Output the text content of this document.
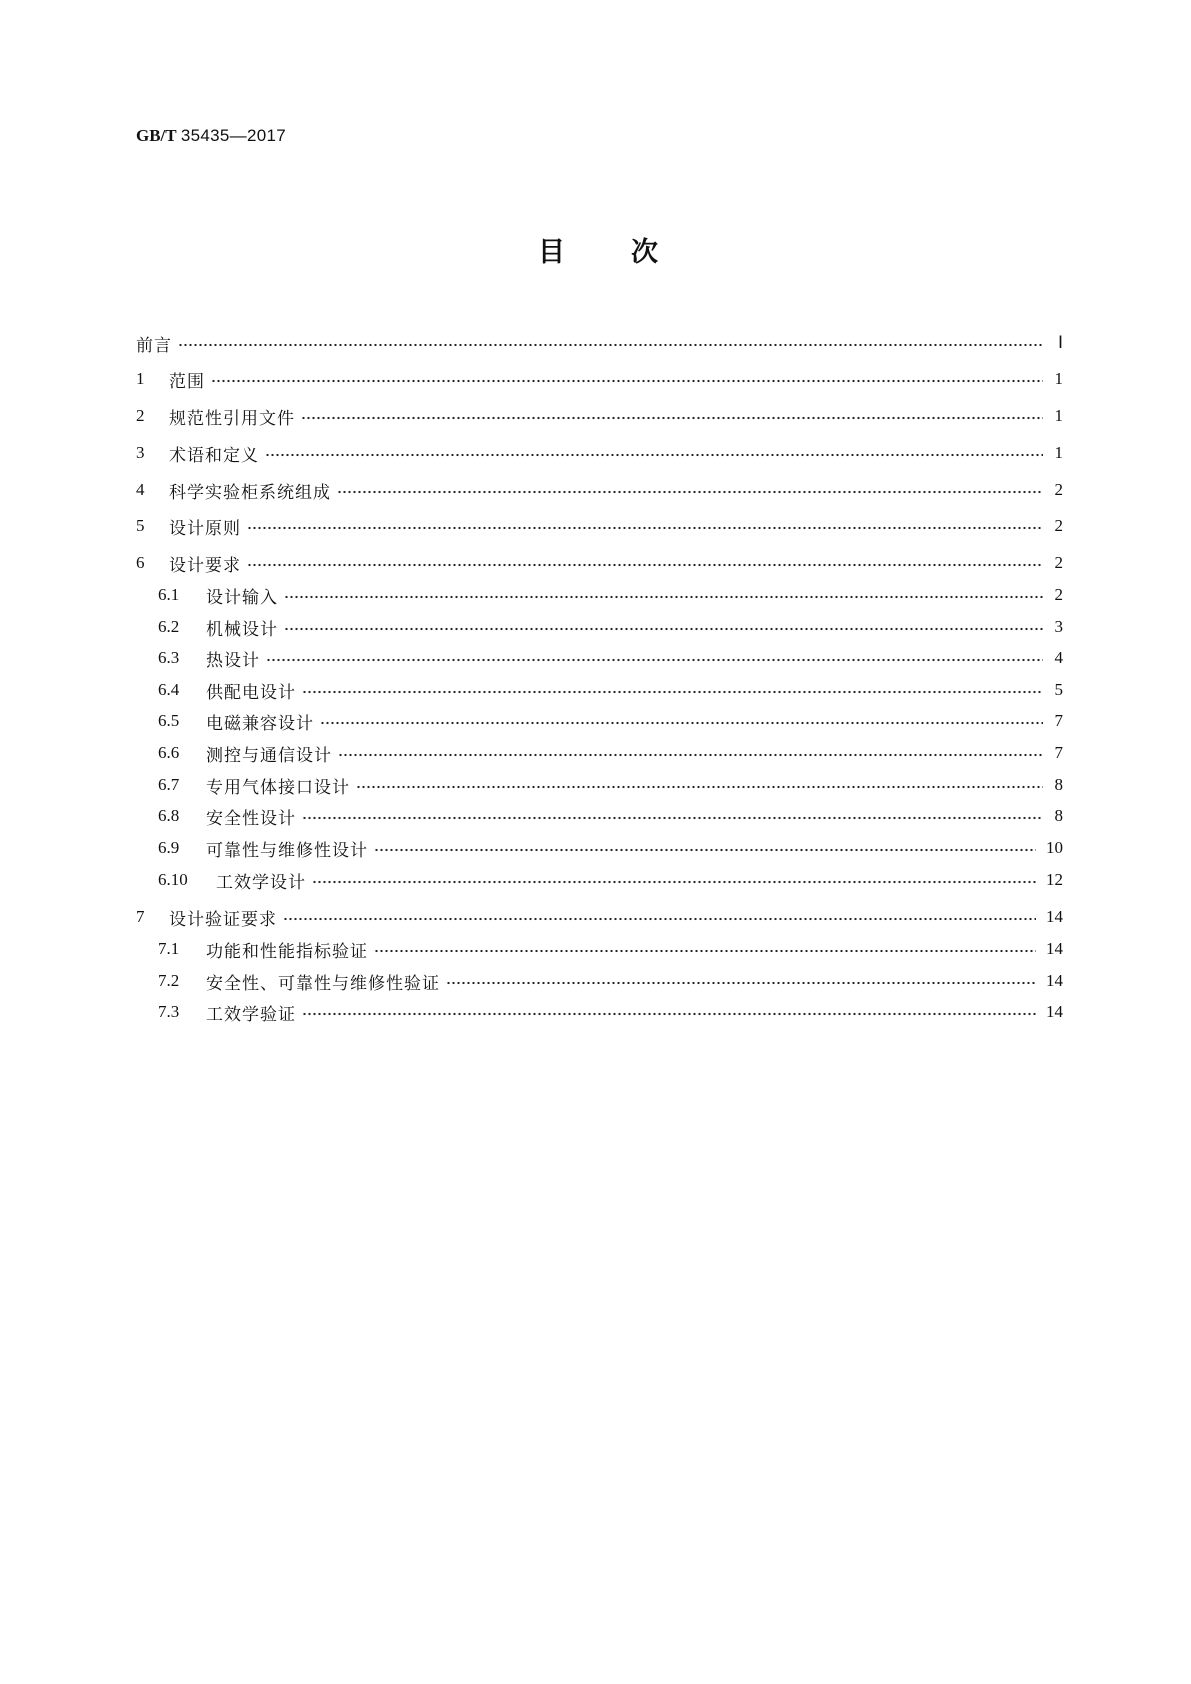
GB/T 35435—2017
目 次
前言	Ⅰ
1	范围	1
2	规范性引用文件	1
3	术语和定义	1
4	科学实验柜系统组成	2
5	设计原则	2
6	设计要求	2
6.1	设计输入	2
6.2	机械设计	3
6.3	热设计	4
6.4	供配电设计	5
6.5	电磁兼容设计	7
6.6	测控与通信设计	7
6.7	专用气体接口设计	8
6.8	安全性设计	8
6.9	可靠性与维修性设计	10
6.10	工效学设计	12
7	设计验证要求	14
7.1	功能和性能指标验证	14
7.2	安全性、可靠性与维修性验证	14
7.3	工效学验证	14
